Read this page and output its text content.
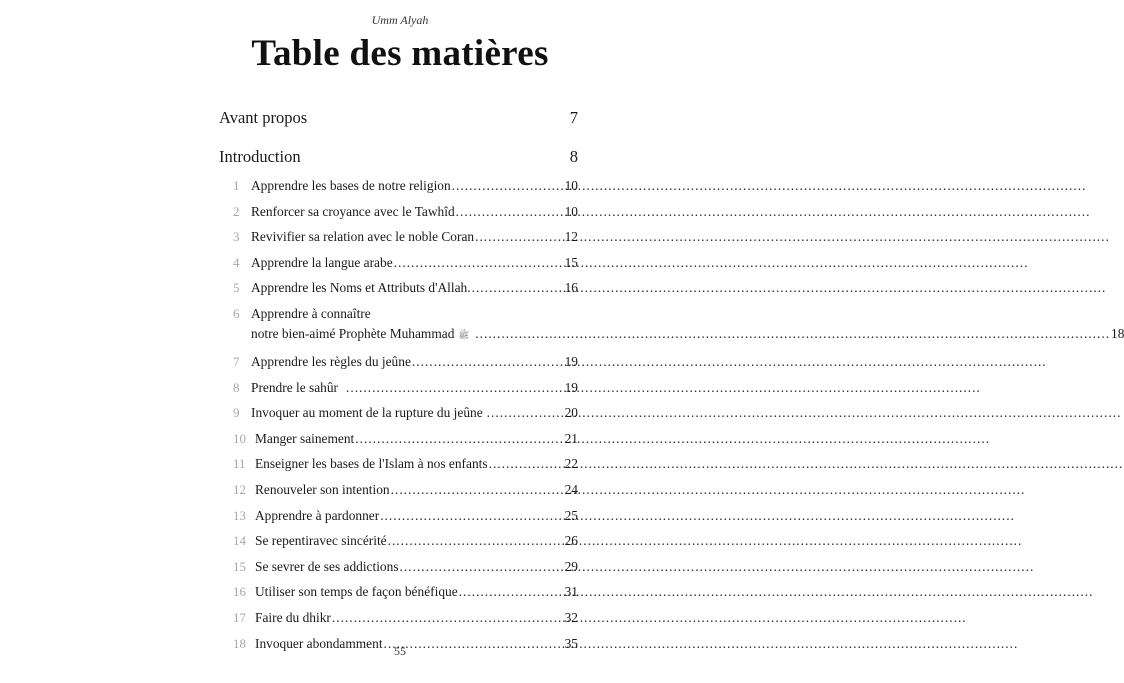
Umm Alyah
Table des matières
Avant propos	7
Introduction	8
1 Apprendre les bases de notre religion .....	10
2 Renforcer sa croyance avec le Tawhîd .....	10
3 Revivifier sa relation avec le noble Coran .....	12
4 Apprendre la langue arabe .....	15
5 Apprendre les Noms et Attributs d'Allah. .....	16
6 Apprendre à connaître
notre bien-aimé Prophète Muhammad ﷺ .....	18
7 Apprendre les règles du jeûne .....	19
8 Prendre le sahûr .....	19
9 Invoquer au moment de la rupture du jeûne .....	20
10 Manger sainement .....	21
11 Enseigner les bases de l'Islam à nos enfants .....	22
12 Renouveler son intention .....	24
13 Apprendre à pardonner .....	25
14 Se repentiravec sincérité .....	26
15 Se sevrer de ses addictions .....	29
16 Utiliser son temps de façon bénéfique .....	31
17 Faire du dhikr .....	32
18 Invoquer abondamment .....	35
55
